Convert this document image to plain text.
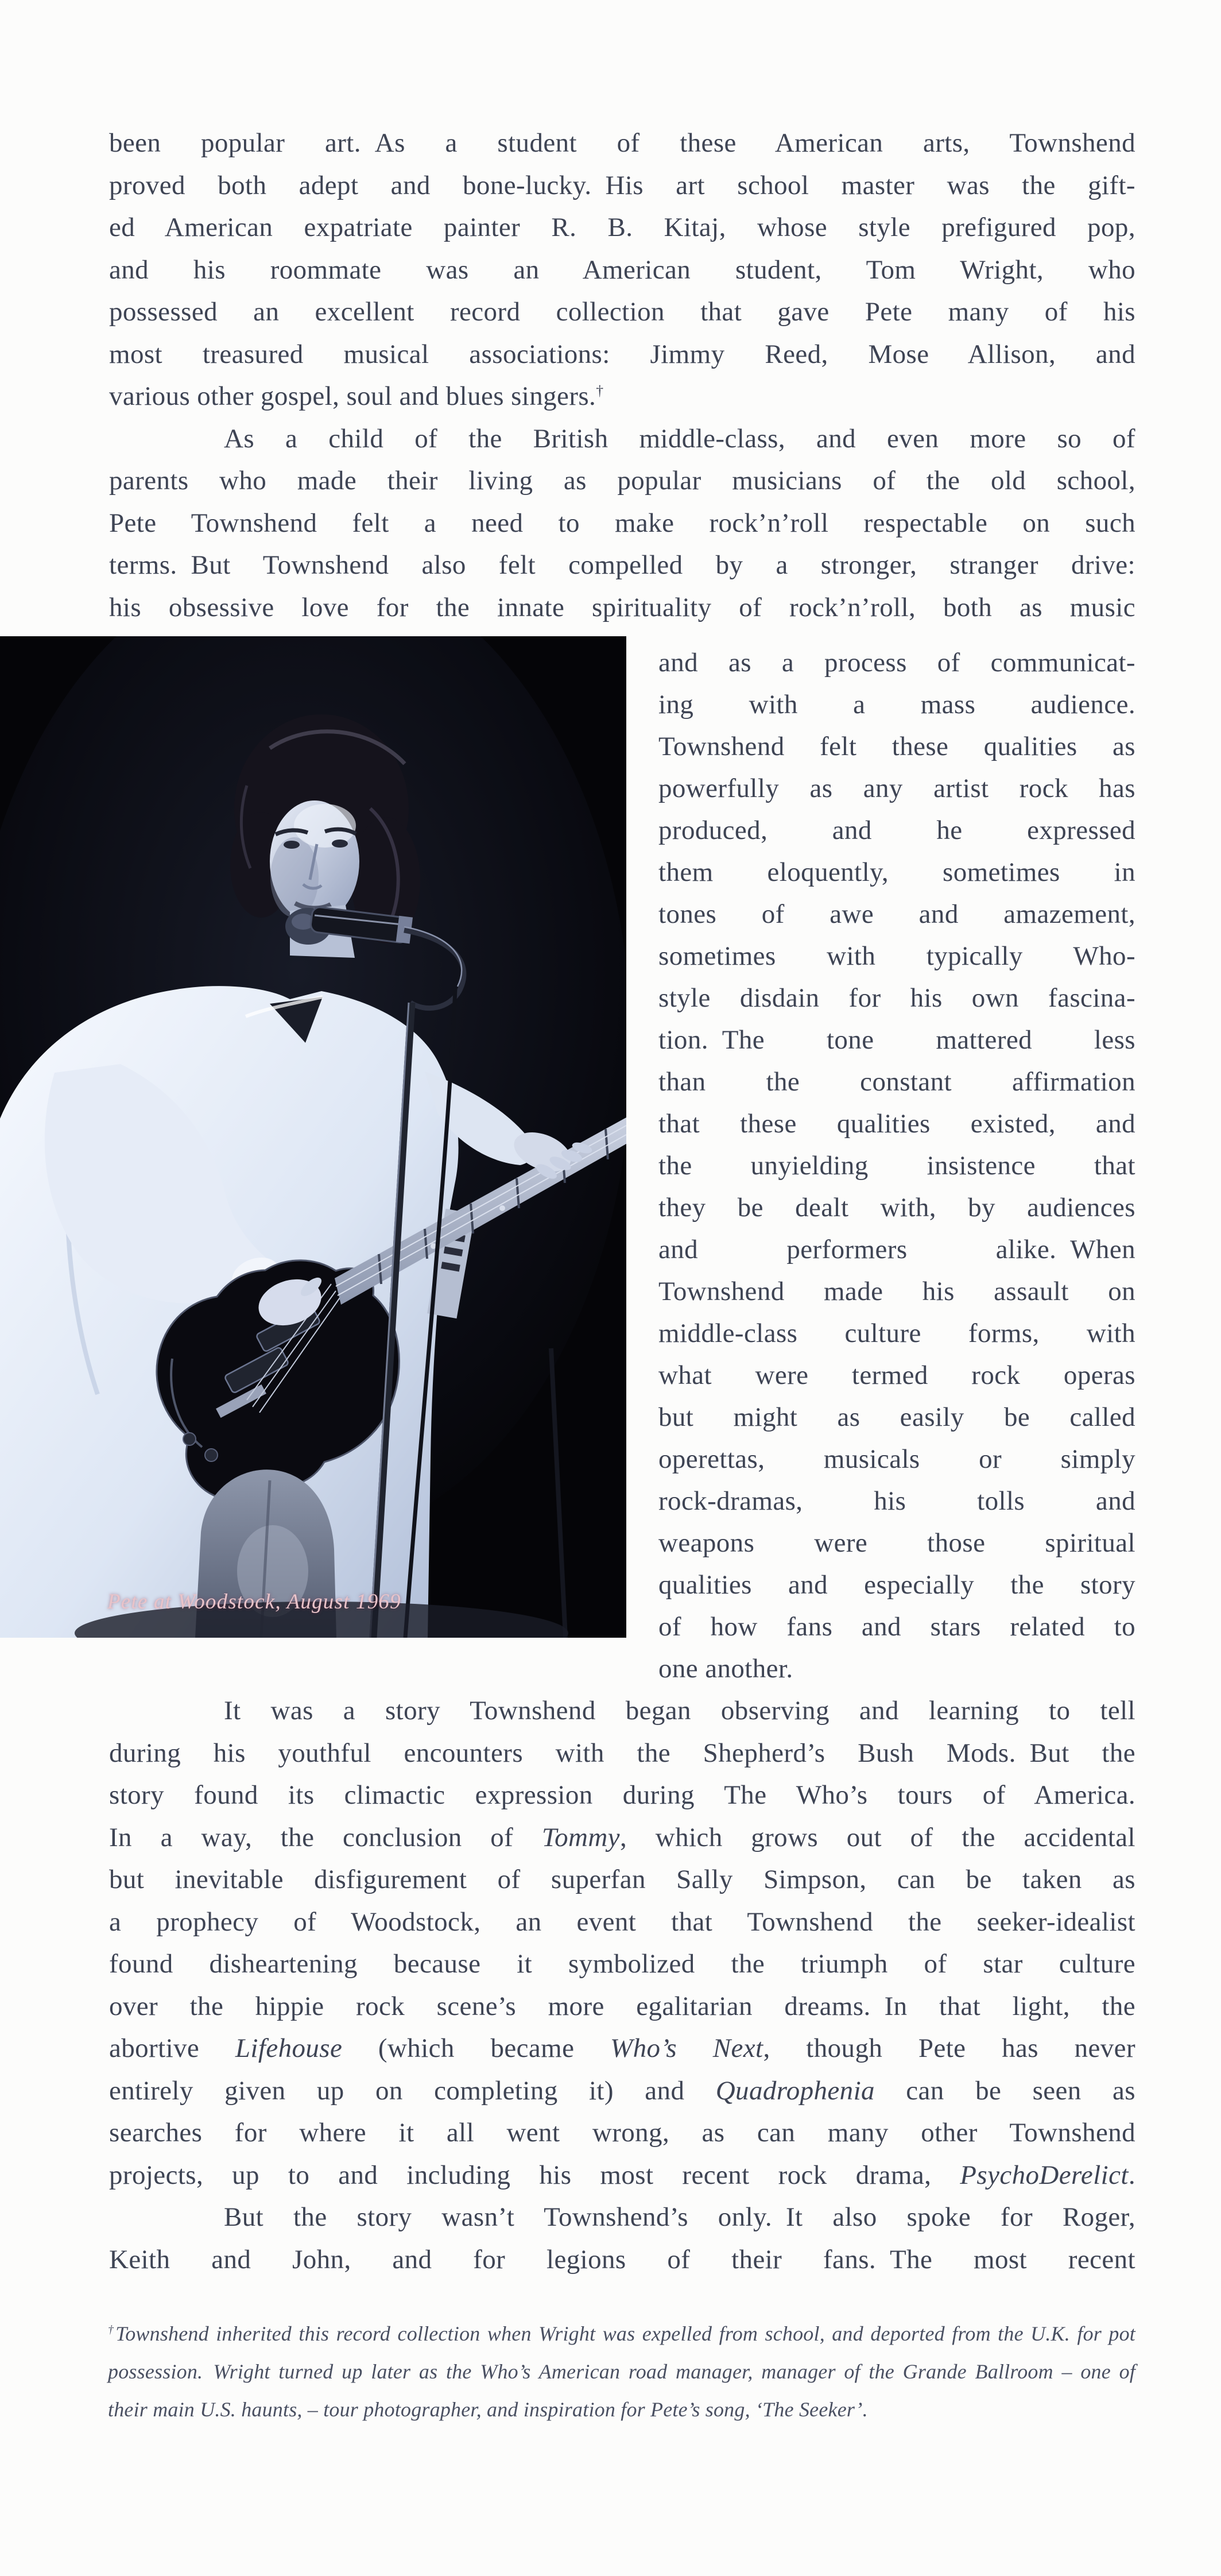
been popular art. As a student of these American arts, Townshend
proved both adept and bone-lucky. His art school master was the gift-
ed American expatriate painter R. B. Kitaj, whose style prefigured pop,
and his roommate was an American student, Tom Wright, who
possessed an excellent record collection that gave Pete many of his
most treasured musical associations: Jimmy Reed, Mose Allison, and
various other gospel, soul and blues singers.†
As a child of the British middle-class, and even more so of
parents who made their living as popular musicians of the old school,
Pete Townshend felt a need to make rock’n’roll respectable on such
terms. But Townshend also felt compelled by a stronger, stranger drive:
his obsessive love for the innate spirituality of rock’n’roll, both as music
Pete at Woodstock, August 1969
and as a process of communicat-
ing with a mass audience.
Townshend felt these qualities as
powerfully as any artist rock has
produced, and he expressed
them eloquently, sometimes in
tones of awe and amazement,
sometimes with typically Who-
style disdain for his own fascina-
tion. The tone mattered less
than the constant affirmation
that these qualities existed, and
the unyielding insistence that
they be dealt with, by audiences
and performers alike. When
Townshend made his assault on
middle-class culture forms, with
what were termed rock operas
but might as easily be called
operettas, musicals or simply
rock-dramas, his tolls and
weapons were those spiritual
qualities and especially the story
of how fans and stars related to
one another.
It was a story Townshend began observing and learning to tell
during his youthful encounters with the Shepherd’s Bush Mods. But the
story found its climactic expression during The Who’s tours of America.
In a way, the conclusion of Tommy, which grows out of the accidental
but inevitable disfigurement of superfan Sally Simpson, can be taken as
a prophecy of Woodstock, an event that Townshend the seeker-idealist
found disheartening because it symbolized the triumph of star culture
over the hippie rock scene’s more egalitarian dreams. In that light, the
abortive Lifehouse (which became Who’s Next, though Pete has never
entirely given up on completing it) and Quadrophenia can be seen as
searches for where it all went wrong, as can many other Townshend
projects, up to and including his most recent rock drama, PsychoDerelict.
But the story wasn’t Townshend’s only. It also spoke for Roger,
Keith and John, and for legions of their fans. The most recent
†Townshend inherited this record collection when Wright was expelled from school, and deported from the U.K. for pot
possession. Wright turned up later as the Who’s American road manager, manager of the Grande Ballroom – one of
their main U.S. haunts, – tour photographer, and inspiration for Pete’s song, ‘The Seeker’.
